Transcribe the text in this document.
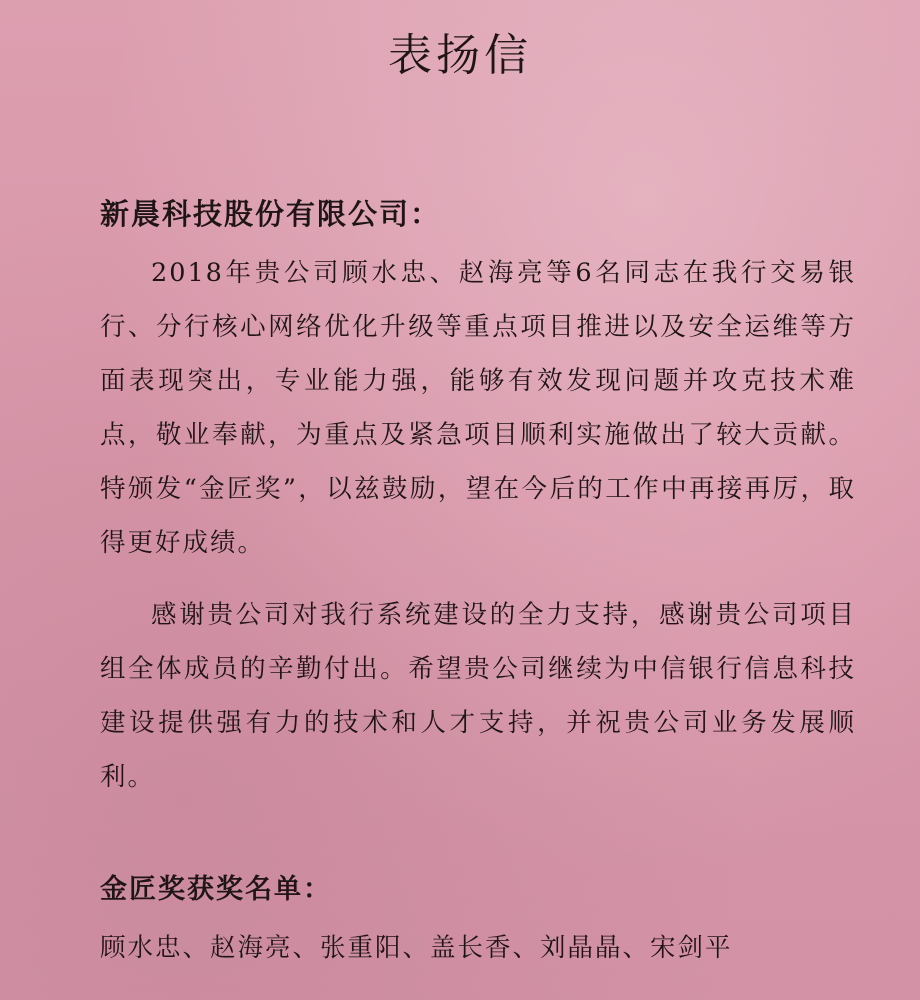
表扬信
新晨科技股份有限公司：

2018年贵公司顾水忠、赵海亮等6名同志在我行交易银行、分行核心网络优化升级等重点项目推进以及安全运维等方面表现突出，专业能力强，能够有效发现问题并攻克技术难点，敬业奉献，为重点及紧急项目顺利实施做出了较大贡献。特颁发“金匠奖”，以兹鼓励，望在今后的工作中再接再厉，取得更好成绩。

感谢贵公司对我行系统建设的全力支持，感谢贵公司项目组全体成员的辛勤付出。希望贵公司继续为中信银行信息科技建设提供强有力的技术和人才支持，并祝贵公司业务发展顺利。

金匠奖获奖名单：
顾水忠、赵海亮、张重阳、盖长香、刘晶晶、宋剑平
